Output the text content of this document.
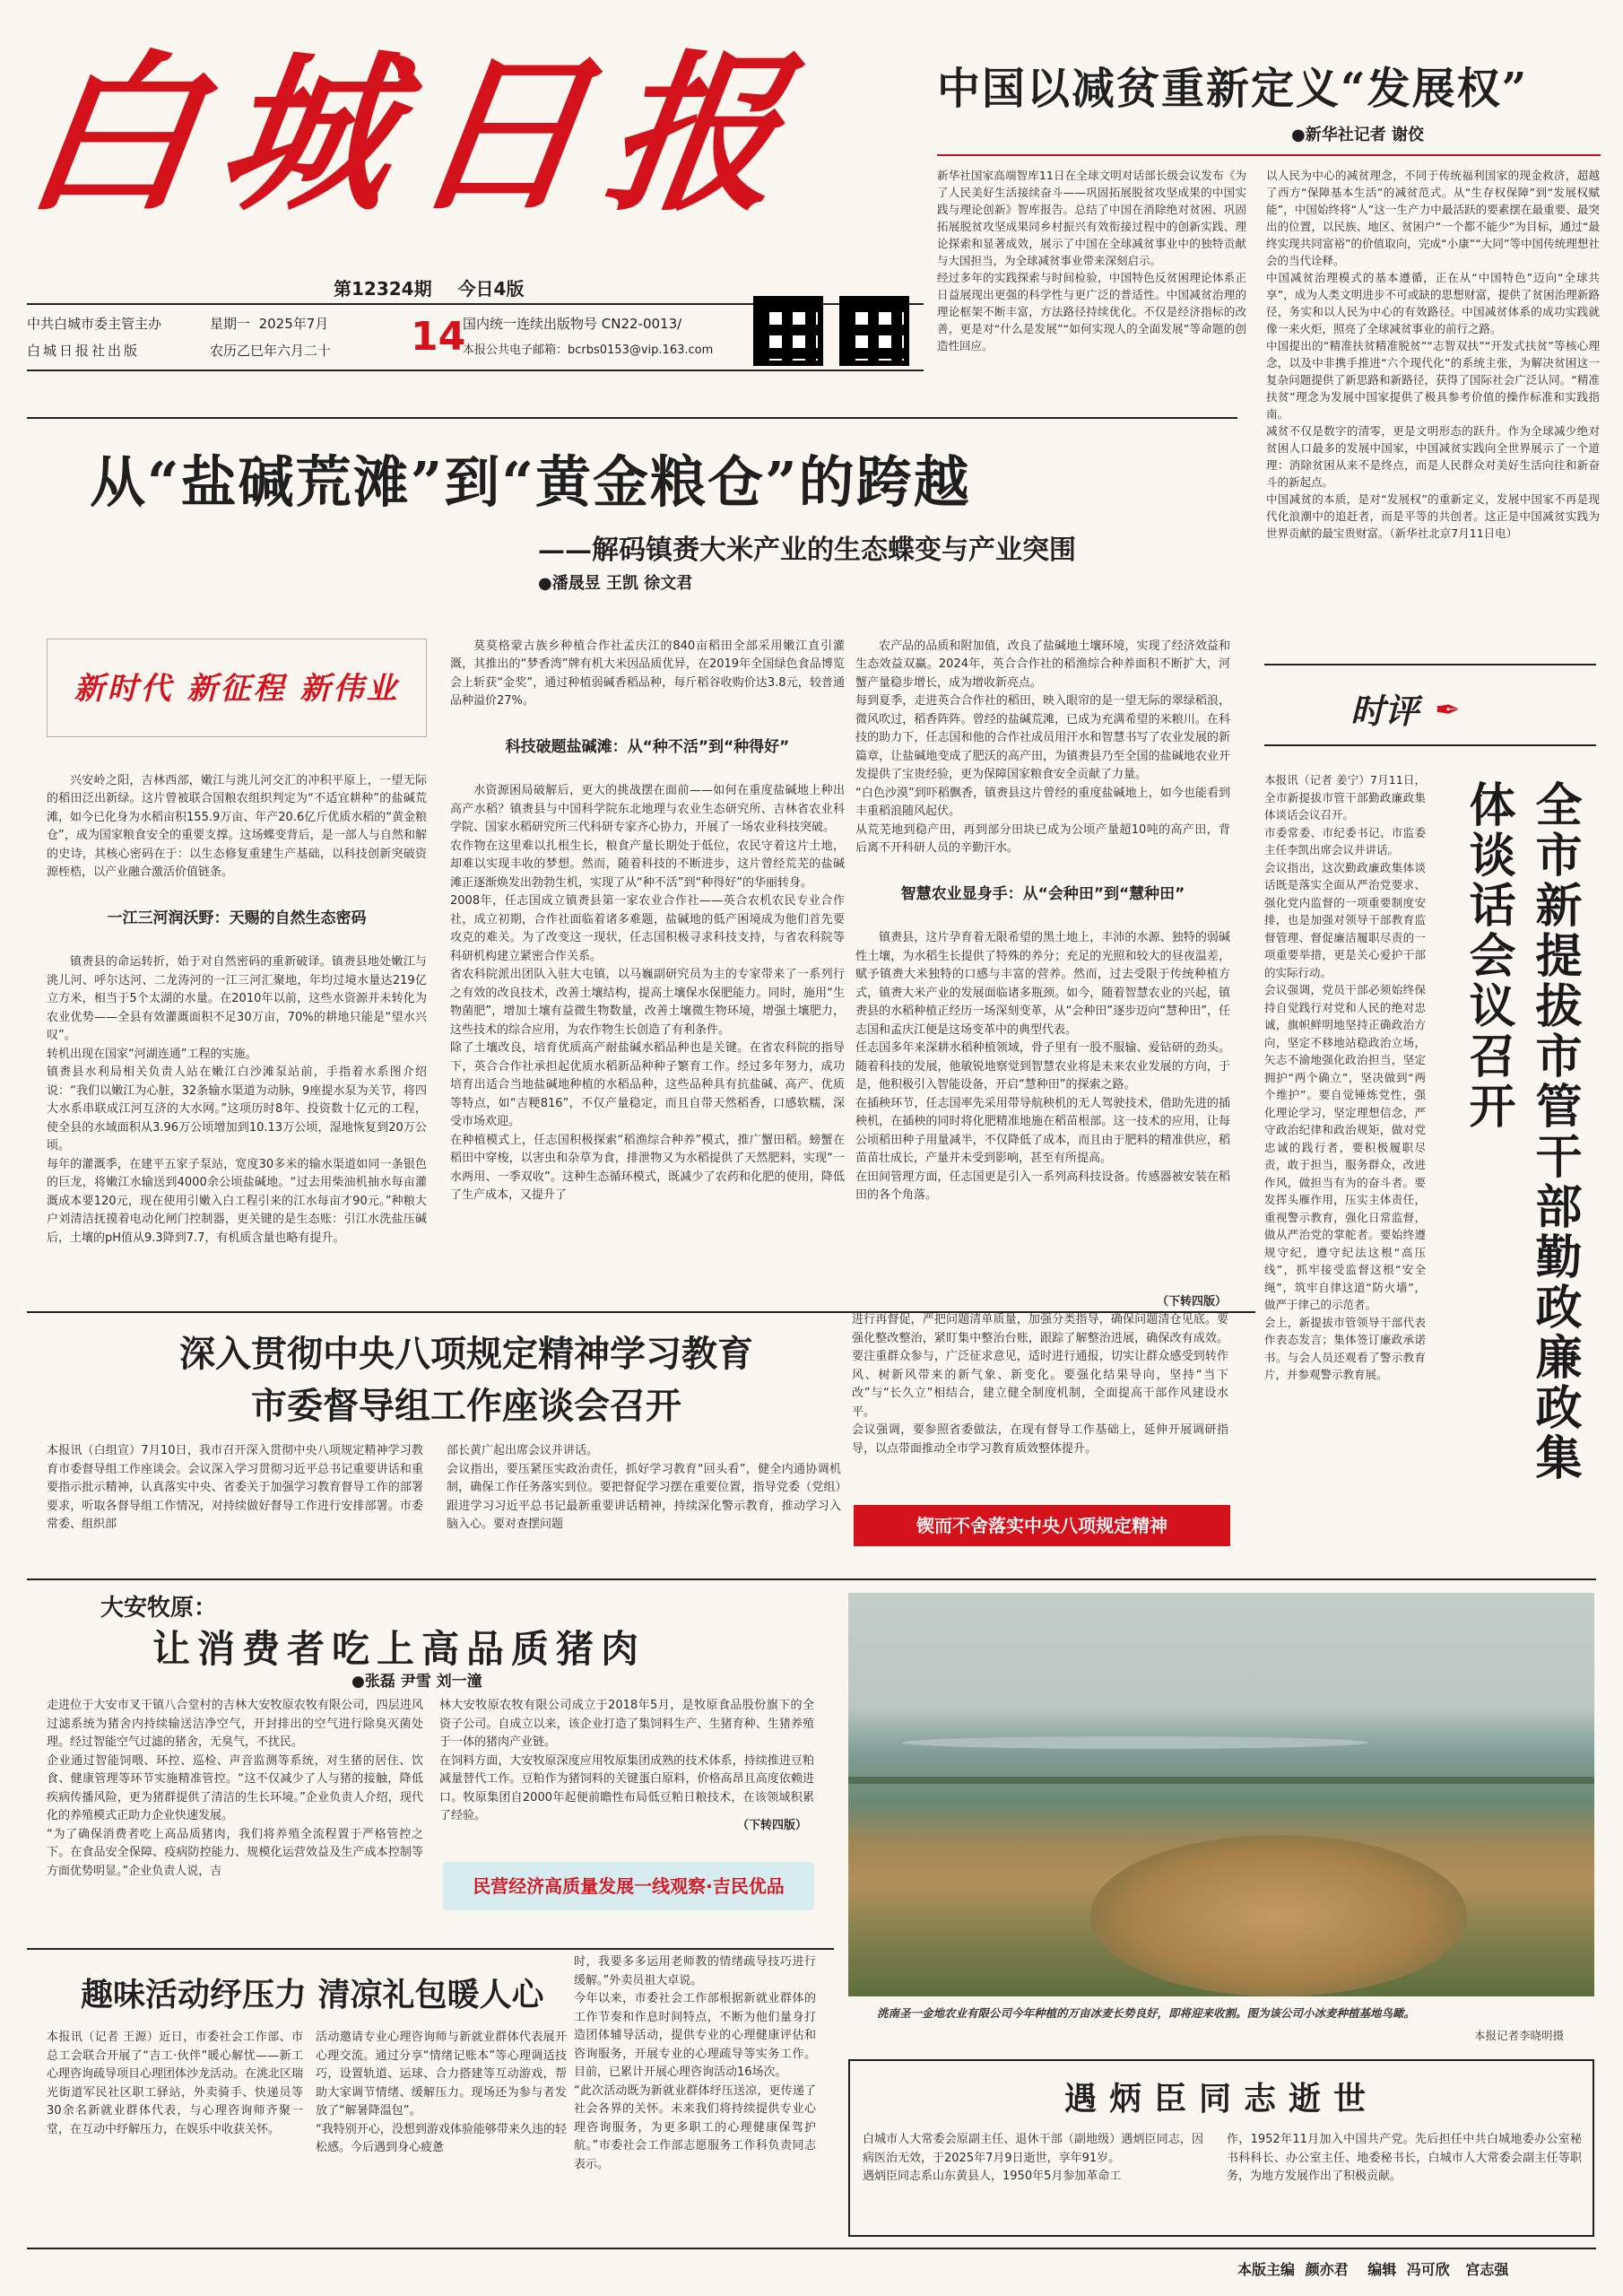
白城日报
第12324期 今日4版
中共白城市委主管主办
白城日报社出版
星期一 2025年7月
农历乙巳年六月二十	14
国内统一连续出版物号 CN22-0013/
本报公共电子邮箱：bcrbs0153@vip.163.com
中国以减贫重新定义“发展权”
●新华社记者 谢佼
新华社国家高端智库11日在全球文明对话部长级会议发布《为了人民美好生活接续奋斗——巩固拓展脱贫攻坚成果的中国实践与理论创新》智库报告。总结了中国在消除绝对贫困、巩固拓展脱贫攻坚成果同乡村振兴有效衔接过程中的创新实践、理论探索和显著成效，展示了中国在全球减贫事业中的独特贡献与大国担当，为全球减贫事业带来深刻启示。
经过多年的实践探索与时间检验，中国特色反贫困理论体系正日益展现出更强的科学性与更广泛的普适性。中国减贫治理的理论框架不断丰富，方法路径持续优化。不仅是经济指标的改善，更是对“什么是发展”“如何实现人的全面发展”等命题的创造性回应。
以人民为中心的减贫理念，不同于传统福利国家的现金救济，超越了西方“保障基本生活”的减贫范式。从“生存权保障”到“发展权赋能”，中国始终将“人”这一生产力中最活跃的要素摆在最重要、最突出的位置，以民族、地区、贫困户“一个都不能少”为目标，通过“最终实现共同富裕”的价值取向，完成“小康”“大同”等中国传统理想社会的当代诠释。
中国减贫治理模式的基本遵循，正在从“中国特色”迈向“全球共享”，成为人类文明进步不可或缺的思想财富，提供了贫困治理新路径，务实和以人民为中心的有效路径。中国减贫体系的成功实践就像一来火炬，照亮了全球减贫事业的前行之路。
中国提出的“精准扶贫精准脱贫”“志智双扶”“开发式扶贫”等核心理念，以及中非携手推进“六个现代化”的系统主张，为解决贫困这一复杂问题提供了新思路和新路径，获得了国际社会广泛认同。“精准扶贫”理念为发展中国家提供了极具参考价值的操作标准和实践指南。
减贫不仅是数字的清零，更是文明形态的跃升。作为全球减少绝对贫困人口最多的发展中国家，中国减贫实践向全世界展示了一个道理：消除贫困从来不是终点，而是人民群众对美好生活向往和新奋斗的新起点。
中国减贫的本质，是对“发展权”的重新定义，发展中国家不再是现代化浪潮中的追赶者，而是平等的共创者。这正是中国减贫实践为世界贡献的最宝贵财富。（新华社北京7月11日电）
从“盐碱荒滩”到“黄金粮仓”的跨越
——解码镇赉大米产业的生态蝶变与产业突围
●潘晟昱 王凯 徐文君
新时代 新征程 新伟业

兴安岭之阳，吉林西部，嫩江与洮儿河交汇的冲积平原上，一望无际的稻田泛出新绿。这片曾被联合国粮农组织判定为“不适宜耕种”的盐碱荒滩，如今已化身为水稻亩积155.9万亩、年产20.6亿斤优质水稻的“黄金粮仓”，成为国家粮食安全的重要支撑。这场蝶变背后，是一部人与自然和解的史诗，其核心密码在于：以生态修复重建生产基础，以科技创新突破资源桎梏，以产业融合激活价值链条。

一江三河润沃野：天赐的自然生态密码

镇赉县的命运转折，始于对自然密码的重新破译。镇赉县地处嫩江与洮儿河、呼尔达河、二龙涛河的一江三河汇聚地，年均过境水量达219亿立方米，相当于5个太湖的水量。在2010年以前，这些水资源并未转化为农业优势——全县有效灌溉面积不足30万亩，70%的耕地只能是“望水兴叹”。
转机出现在国家“河湖连通”工程的实施。
镇赉县水利局相关负责人站在嫩江白沙滩泵站前，手指着水系图介绍说：“我们以嫩江为心脏，32条输水渠道为动脉，9座提水泵为关节，将四大水系串联成江河互济的大水网。”这项历时8年、投资数十亿元的工程，使全县的水域面积从3.96万公顷增加到10.13万公顷，湿地恢复到20万公顷。
每年的灌溉季，在建平五家子泵站，宽度30多米的输水渠道如同一条银色的巨龙，将嫩江水输送到4000余公顷盐碱地。“过去用柴油机抽水每亩灌溉成本要120元，现在使用引嫩入白工程引来的江水每亩才90元。”种粮大户刘清洁抚摸着电动化闸门控制器，更关键的是生态账：引江水洗盐压碱后，土壤的pH值从9.3降到7.7，有机质含量也略有提升。

莫莫格蒙古族乡种植合作社孟庆江的840亩稻田全部采用嫩江直引灌溉，其推出的“梦香湾”牌有机大米因品质优异，在2019年全国绿色食品博览会上斩获“金奖”，通过种植弱碱香稻品种，每斤稻谷收购价达3.8元，较普通品种溢价27%。

科技破题盐碱滩：从“种不活”到“种得好”

水资源困局破解后，更大的挑战摆在面前——如何在重度盐碱地上种出高产水稻？镇赉县与中国科学院东北地理与农业生态研究所、吉林省农业科学院、国家水稻研究所三代科研专家齐心协力，开展了一场农业科技突破。
农作物在这里难以扎根生长，粮食产量长期处于低位，农民守着这片土地，却难以实现丰收的梦想。然而，随着科技的不断进步，这片曾经荒芜的盐碱滩正逐渐焕发出勃勃生机，实现了从“种不活”到“种得好”的华丽转身。
2008年，任志国成立镇赉县第一家农业合作社——英合农机农民专业合作社，成立初期，合作社面临着诸多难题，盐碱地的低产困境成为他们首先要攻克的难关。为了改变这一现状，任志国积极寻求科技支持，与省农科院等科研机构建立紧密合作关系。
省农科院派出团队入驻大屯镇，以马巍副研究员为主的专家带来了一系列行之有效的改良技术，改善土壤结构，提高土壤保水保肥能力。同时，施用“生物菌肥”，增加土壤有益微生物数量，改善土壤微生物环境，增强土壤肥力，这些技术的综合应用，为农作物生长创造了有利条件。
除了土壤改良，培育优质高产耐盐碱水稻品种也是关键。在省农科院的指导下，英合合作社承担起优质水稻新品种种子繁育工作。经过多年努力，成功培育出适合当地盐碱地种植的水稻品种，这些品种具有抗盐碱、高产、优质等特点，如“吉粳816”，不仅产量稳定，而且自带天然稻香，口感软糯，深受市场欢迎。
在种植模式上，任志国积极探索“稻渔综合种养”模式，推广蟹田稻。螃蟹在稻田中穿梭，以害虫和杂草为食，排泄物又为水稻提供了天然肥料，实现“一水两用、一季双收”。这种生态循环模式，既减少了农药和化肥的使用，降低了生产成本，又提升了

农产品的品质和附加值，改良了盐碱地土壤环境，实现了经济效益和生态效益双赢。2024年，英合合作社的稻渔综合种养面积不断扩大，河蟹产量稳步增长，成为增收新亮点。
每到夏季，走进英合合作社的稻田，映入眼帘的是一望无际的翠绿稻浪，微风吹过，稻香阵阵。曾经的盐碱荒滩，已成为充满希望的米粮川。在科技的助力下，任志国和他的合作社成员用汗水和智慧书写了农业发展的新篇章，让盐碱地变成了肥沃的高产田，为镇赉县乃至全国的盐碱地农业开发提供了宝贵经验，更为保障国家粮食安全贡献了力量。
“白色沙漠”到吓稻飘香，镇赉县这片曾经的重度盐碱地上，如今也能看到丰重稻浪随风起伏。
从荒芜地到稳产田，再到部分田块已成为公顷产量超10吨的高产田，背后离不开科研人员的辛勤汗水。

智慧农业显身手：从“会种田”到“慧种田”

镇赉县，这片孕育着无限希望的黑土地上，丰沛的水源、独特的弱碱性土壤，为水稻生长提供了特殊的养分；充足的光照和较大的昼夜温差，赋予镇赉大米独特的口感与丰富的营养。然而，过去受限于传统种植方式，镇赉大米产业的发展面临诸多瓶颈。如今，随着智慧农业的兴起，镇赉县的水稻种植正经历一场深刻变革，从“会种田”逐步迈向“慧种田”，任志国和孟庆江便是这场变革中的典型代表。
任志国多年来深耕水稻种植领域，骨子里有一股不服输、爱钻研的劲头。随着科技的发展，他敏锐地察觉到智慧农业将是未来农业发展的方向，于是，他积极引入智能设备，开启“慧种田”的探索之路。
在插秧环节，任志国率先采用带导航秧机的无人驾驶技术，借助先进的插秧机，在插秧的同时将化肥精准地施在稻苗根部。这一技术的应用，让每公顷稻田种子用量减半，不仅降低了成本，而且由于肥料的精准供应，稻苗苗壮成长，产量并未受到影响，甚至有所提高。
在田间管理方面，任志国更是引入一系列高科技设备。传感器被安装在稻田的各个角落。

（下转四版）
时评 ✒
本报讯（记者 姜宁）7月11日，全市新提拔市管干部勤政廉政集体谈话会议召开。
市委常委、市纪委书记、市监委主任李凯出席会议并讲话。
会议指出，这次勤政廉政集体谈话既是落实全面从严治党要求、强化党内监督的一项重要制度安排，也是加强对领导干部教育监督管理、督促廉洁履职尽责的一项重要举措，更是关心爱护干部的实际行动。
会议强调，党员干部必须始终保持自觉践行对党和人民的绝对忠诚，旗帜鲜明地坚持正确政治方向，坚定不移地站稳政治立场，矢志不渝地强化政治担当，坚定拥护“两个确立”，坚决做到“两个维护”。要自觉锤炼党性，强化理论学习，坚定理想信念，严守政治纪律和政治规矩，做对党忠诚的践行者，要积极履职尽责，敢于担当，服务群众，改进作风，做担当有为的奋斗者。要发挥头雁作用，压实主体责任，重视警示教育，强化日常监督，做从严治党的掌舵者。要始终遵规守纪，遵守纪法这根“高压线”，抓牢接受监督这根“安全绳”，筑牢自律这道“防火墙”，做严于律己的示范者。
会上，新提拔市管领导干部代表作表态发言；集体签订廉政承诺书。与会人员还观看了警示教育片，并参观警示教育展。	全市新提拔市管干部勤政廉政集体谈话会议召开
深入贯彻中央八项规定精神学习教育
市委督导组工作座谈会召开
本报讯（白组宣）7月10日，我市召开深入贯彻中央八项规定精神学习教育市委督导组工作座谈会。会议深入学习贯彻习近平总书记重要讲话和重要指示批示精神，认真落实中央、省委关于加强学习教育督导工作的部署要求，听取各督导组工作情况，对持续做好督导工作进行安排部署。市委常委、组织部
部长黄广起出席会议并讲话。
会议指出，要压紧压实政治责任，抓好学习教育“回头看”，健全内通协调机制，确保工作任务落实到位。要把督促学习摆在重要位置，指导党委（党组）跟进学习习近平总书记最新重要讲话精神，持续深化警示教育，推动学习入脑入心。要对查摆问题
进行再督促，严把问题清单质量，加强分类指导，确保问题清仓见底。要强化整改整治，紧盯集中整治台账，跟踪了解整治进展，确保改有成效。要注重群众参与，广泛征求意见，适时进行通报，切实让群众感受到转作风、树新风带来的新气象、新变化。要强化结果导向，坚持“当下改”与“长久立”相结合，建立健全制度机制，全面提高干部作风建设水平。
会议强调，要参照省委做法，在现有督导工作基础上，延伸开展调研指导，以点带面推动全市学习教育质效整体提升。
锲而不舍落实中央八项规定精神
大安牧原：
让消费者吃上高品质猪肉
●张磊 尹雪 刘一潼
走进位于大安市叉干镇八合堂村的吉林大安牧原农牧有限公司，四层进风过滤系统为猪舍内持续输送洁净空气，开封排出的空气进行除臭灭菌处理。经过智能空气过滤的猪舍，无臭气，不扰民。
企业通过智能饲喂、环控、巡检、声音监测等系统，对生猪的居住、饮食、健康管理等环节实施精准管控。“这不仅减少了人与猪的接触，降低疾病传播风险，更为猪群提供了清洁的生长环境。”企业负责人介绍，现代化的养殖模式正助力企业快速发展。
“为了确保消费者吃上高品质猪肉，我们将养殖全流程置于严格管控之下。在食品安全保障、疫病防控能力、规模化运营效益及生产成本控制等方面优势明显。”企业负责人说，吉
林大安牧原农牧有限公司成立于2018年5月，是牧原食品股份旗下的全资子公司。自成立以来，该企业打造了集饲料生产、生猪育种、生猪养殖于一体的猪肉产业链。
在饲料方面，大安牧原深度应用牧原集团成熟的技术体系，持续推进豆粕减量替代工作。豆粕作为猪饲料的关键蛋白原料，价格高昂且高度依赖进口。牧原集团自2000年起便前瞻性布局低豆粕日粮技术，在该领域积累了经验。
（下转四版）
民营经济高质量发展一线观察·吉民优品
洮南圣一金地农业有限公司今年种植的万亩冰麦长势良好，即将迎来收割。图为该公司小冰麦种植基地鸟瞰。
本报记者李晓明摄
趣味活动纾压力 清凉礼包暖人心
本报讯（记者 王源）近日，市委社会工作部、市总工会联合开展了“吉工·伙伴”暖心解忧——新工心理咨询疏导项目心理团体沙龙活动。在洮北区瑞光街道军民社区职工驿站，外卖骑手、快递员等30余名新就业群体代表，与心理咨询师齐聚一堂，在互动中纾解压力，在娱乐中收获关怀。
活动邀请专业心理咨询师与新就业群体代表展开心理交流。通过分享“情绪记账本”等心理调适技巧，设置轨道、运球、合力搭建等互动游戏，帮助大家调节情绪、缓解压力。现场还为参与者发放了“解暑降温包”。
“我特别开心，没想到游戏体验能够带来久违的轻松感。今后遇到身心疲惫
时，我要多多运用老师教的情绪疏导技巧进行缓解。”外卖员祖大卓说。
今年以来，市委社会工作部根据新就业群体的工作节奏和作息时间特点，不断为他们量身打造团体辅导活动，提供专业的心理健康评估和咨询服务，开展专业的心理疏导等实务工作。目前，已累计开展心理咨询活动16场次。
“此次活动既为新就业群体纾压送凉，更传递了社会各界的关怀。未来我们将持续提供专业心理咨询服务，为更多职工的心理健康保驾护航。”市委社会工作部志愿服务工作科负责同志表示。
遇炳臣同志逝世
白城市人大常委会原副主任、退休干部（副地级）遇炳臣同志，因病医治无效，于2025年7月9日逝世，享年91岁。
遇炳臣同志系山东黄县人，1950年5月参加革命工
作，1952年11月加入中国共产党。先后担任中共白城地委办公室秘书科科长、办公室主任、地委秘书长，白城市人大常委会副主任等职务，为地方发展作出了积极贡献。
本版主编 颜亦君 编辑 冯可欣 宫志强
